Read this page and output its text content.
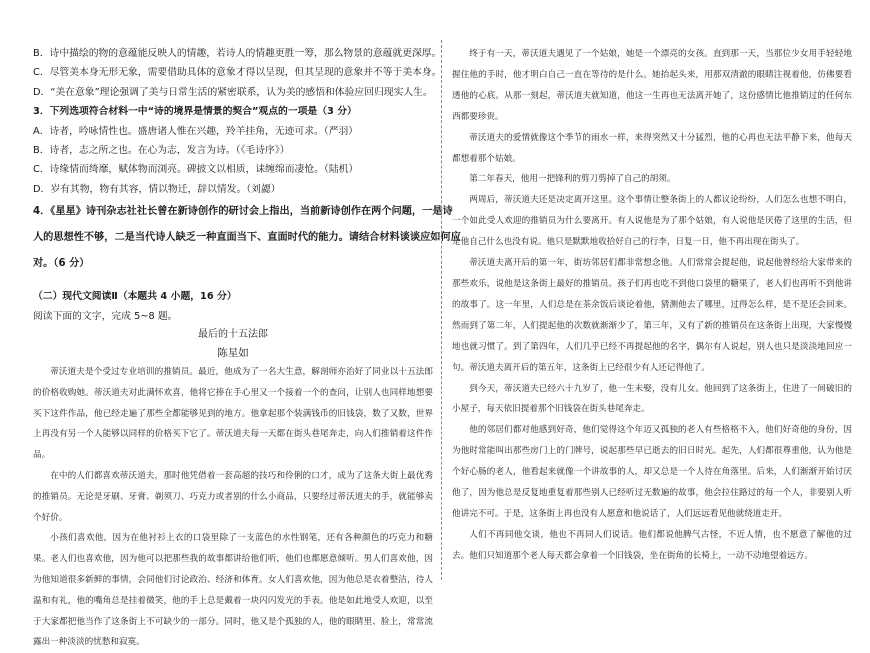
B．诗中描绘的物的意蕴能反映人的情趣，若诗人的情趣更胜一筹，那么物景的意蕴就更深厚。

C．尽管美本身无形无象，需要借助具体的意象才得以呈现，但其呈现的意象并不等于美本身。

D．“美在意象”理论强调了美与日常生活的紧密联系，认为美的感悟和体验应回归现实人生。

3．下列选项符合材料一中“诗的境界是情景的契合”观点的一项是（3 分）

A．诗者，吟咏情性也。盛唐诸人惟在兴趣，羚羊挂角，无迹可求。（严羽）

B．诗者，志之所之也。在心为志，发言为诗。（《毛诗序》）

C．诗缘情而绮靡，赋体物而浏亮。碑披文以相质，诔缠绵而凄怆。（陆机）

D．岁有其物，物有其容，情以物迁，辞以情发。（刘勰）

4．《星星》诗刊杂志社社长曾在新诗创作的研讨会上指出，当前新诗创作在两个问题，一是诗

人的思想性不够，二是当代诗人缺乏一种直面当下、直面时代的能力。请结合材料谈谈应如何应

对。（6 分）

（二）现代文阅读Ⅱ（本题共 4 小题，16 分）

阅读下面的文字，完成 5~8 题。

最后的十五法郎

陈星如

蒂沃道夫是个受过专业培训的推销员。最近，他成为了一名大生意，解剖师亦治好了同业以十五法郎的价格收购她。蒂沃道夫对此满怀欢喜，他将它捧在手心里又一个接着一个的查问，让别人也同样地想要买下这件作品，他已经走遍了那些全都能够见到的地方。他拿起那个装满钱币的旧钱袋，数了又数，世界上再没有另一个人能够以同样的价格买下它了。蒂沃道夫每一天都在街头巷尾奔走，向人们推销着这件作品。

在中的人们都喜欢蒂沃道夫，那时他凭借着一套高超的技巧和伶俐的口才，成为了这条大街上最优秀的推销员。无论是牙刷、牙膏、剃须刀、巧克力或者别的什么小商品，只要经过蒂沃道夫的手，就能够卖个好价。

小孩们喜欢他，因为在他衬衫上衣的口袋里除了一支蓝色的水性钢笔，还有各种颜色的巧克力和糖果。老人们也喜欢他，因为他可以把那些我的故事都讲给他们听，他们也都愿意倾听。男人们喜欢他，因为他知道很多新鲜的事情，会同他们讨论政治、经济和体育。女人们喜欢他，因为他总是衣着整洁，待人温和有礼，他的嘴角总是挂着微笑，他的手上总是戴着一块闪闪发光的手表。他是如此地受人欢迎，以至于大家都把他当作了这条街上不可缺少的一部分。同时，他又是个孤独的人，他的眼睛里、脸上，常常流露出一种淡淡的忧愁和寂寞。

终于有一天，蒂沃道夫遇见了一个姑娘，她是一个漂亮的女孩。直到那一天，当那位少女用手轻轻地握住他的手时，他才明白自己一直在等待的是什么。她抬起头来，用那双清澈的眼睛注视着他，仿佛要看透他的心底。从那一刻起，蒂沃道夫就知道，他这一生再也无法离开她了，这份感情比他推销过的任何东西都要珍贵。

蒂沃道夫的爱情就像这个季节的雨水一样，来得突然又十分猛烈，他的心再也无法平静下来，他每天都想着那个姑娘。

第二年春天，他用一把锋利的剪刀剪掉了自己的胡须。

两周后，蒂沃道夫还是决定离开这里。这个事情让整条街上的人都议论纷纷，人们怎么也想不明白，一个如此受人欢迎的推销员为什么要离开。有人说他是为了那个姑娘，有人说他是厌倦了这里的生活，但是他自己什么也没有说。他只是默默地收拾好自己的行李，日复一日，他不再出现在街头了。

蒂沃道夫离开后的第一年，街坊邻居们都非常想念他。人们常常会提起他，说起他曾经给大家带来的那些欢乐，说他是这条街上最好的推销员。孩子们再也吃不到他口袋里的糖果了，老人们也再听不到他讲的故事了。这一年里，人们总是在茶余饭后谈论着他，猜测他去了哪里，过得怎么样，是不是还会回来。然而到了第二年，人们提起他的次数就渐渐少了，第三年，又有了新的推销员在这条街上出现，大家慢慢地也就习惯了。到了第四年，人们几乎已经不再提起他的名字，偶尔有人说起，别人也只是淡淡地回应一句。蒂沃道夫离开后的第五年，这条街上已经很少有人还记得他了。

到今天，蒂沃道夫已经六十九岁了，他一生未娶，没有儿女。他回到了这条街上，住进了一间破旧的小屋子，每天依旧提着那个旧钱袋在街头巷尾奔走。

他的邻居们都对他感到好奇，他们觉得这个年迈又孤独的老人有些格格不入，他们好奇他的身份，因为他时常能叫出那些房门上的门牌号，说起那些早已逝去的旧日时光。起先，人们都很尊重他，认为他是个好心肠的老人，他看起来就像一个讲故事的人，却又总是一个人待在角落里。后来，人们渐渐开始讨厌他了，因为他总是反复地重复着那些别人已经听过无数遍的故事，他会拉住路过的每一个人，非要别人听他讲完不可。于是，这条街上再也没有人愿意和他说话了，人们远远看见他就绕道走开。

人们不再同他交谈，他也不再同人们说话。他们都说他脾气古怪，不近人情，也不愿意了解他的过去。他们只知道那个老人每天都会拿着一个旧钱袋，坐在街角的长椅上，一动不动地望着远方。
